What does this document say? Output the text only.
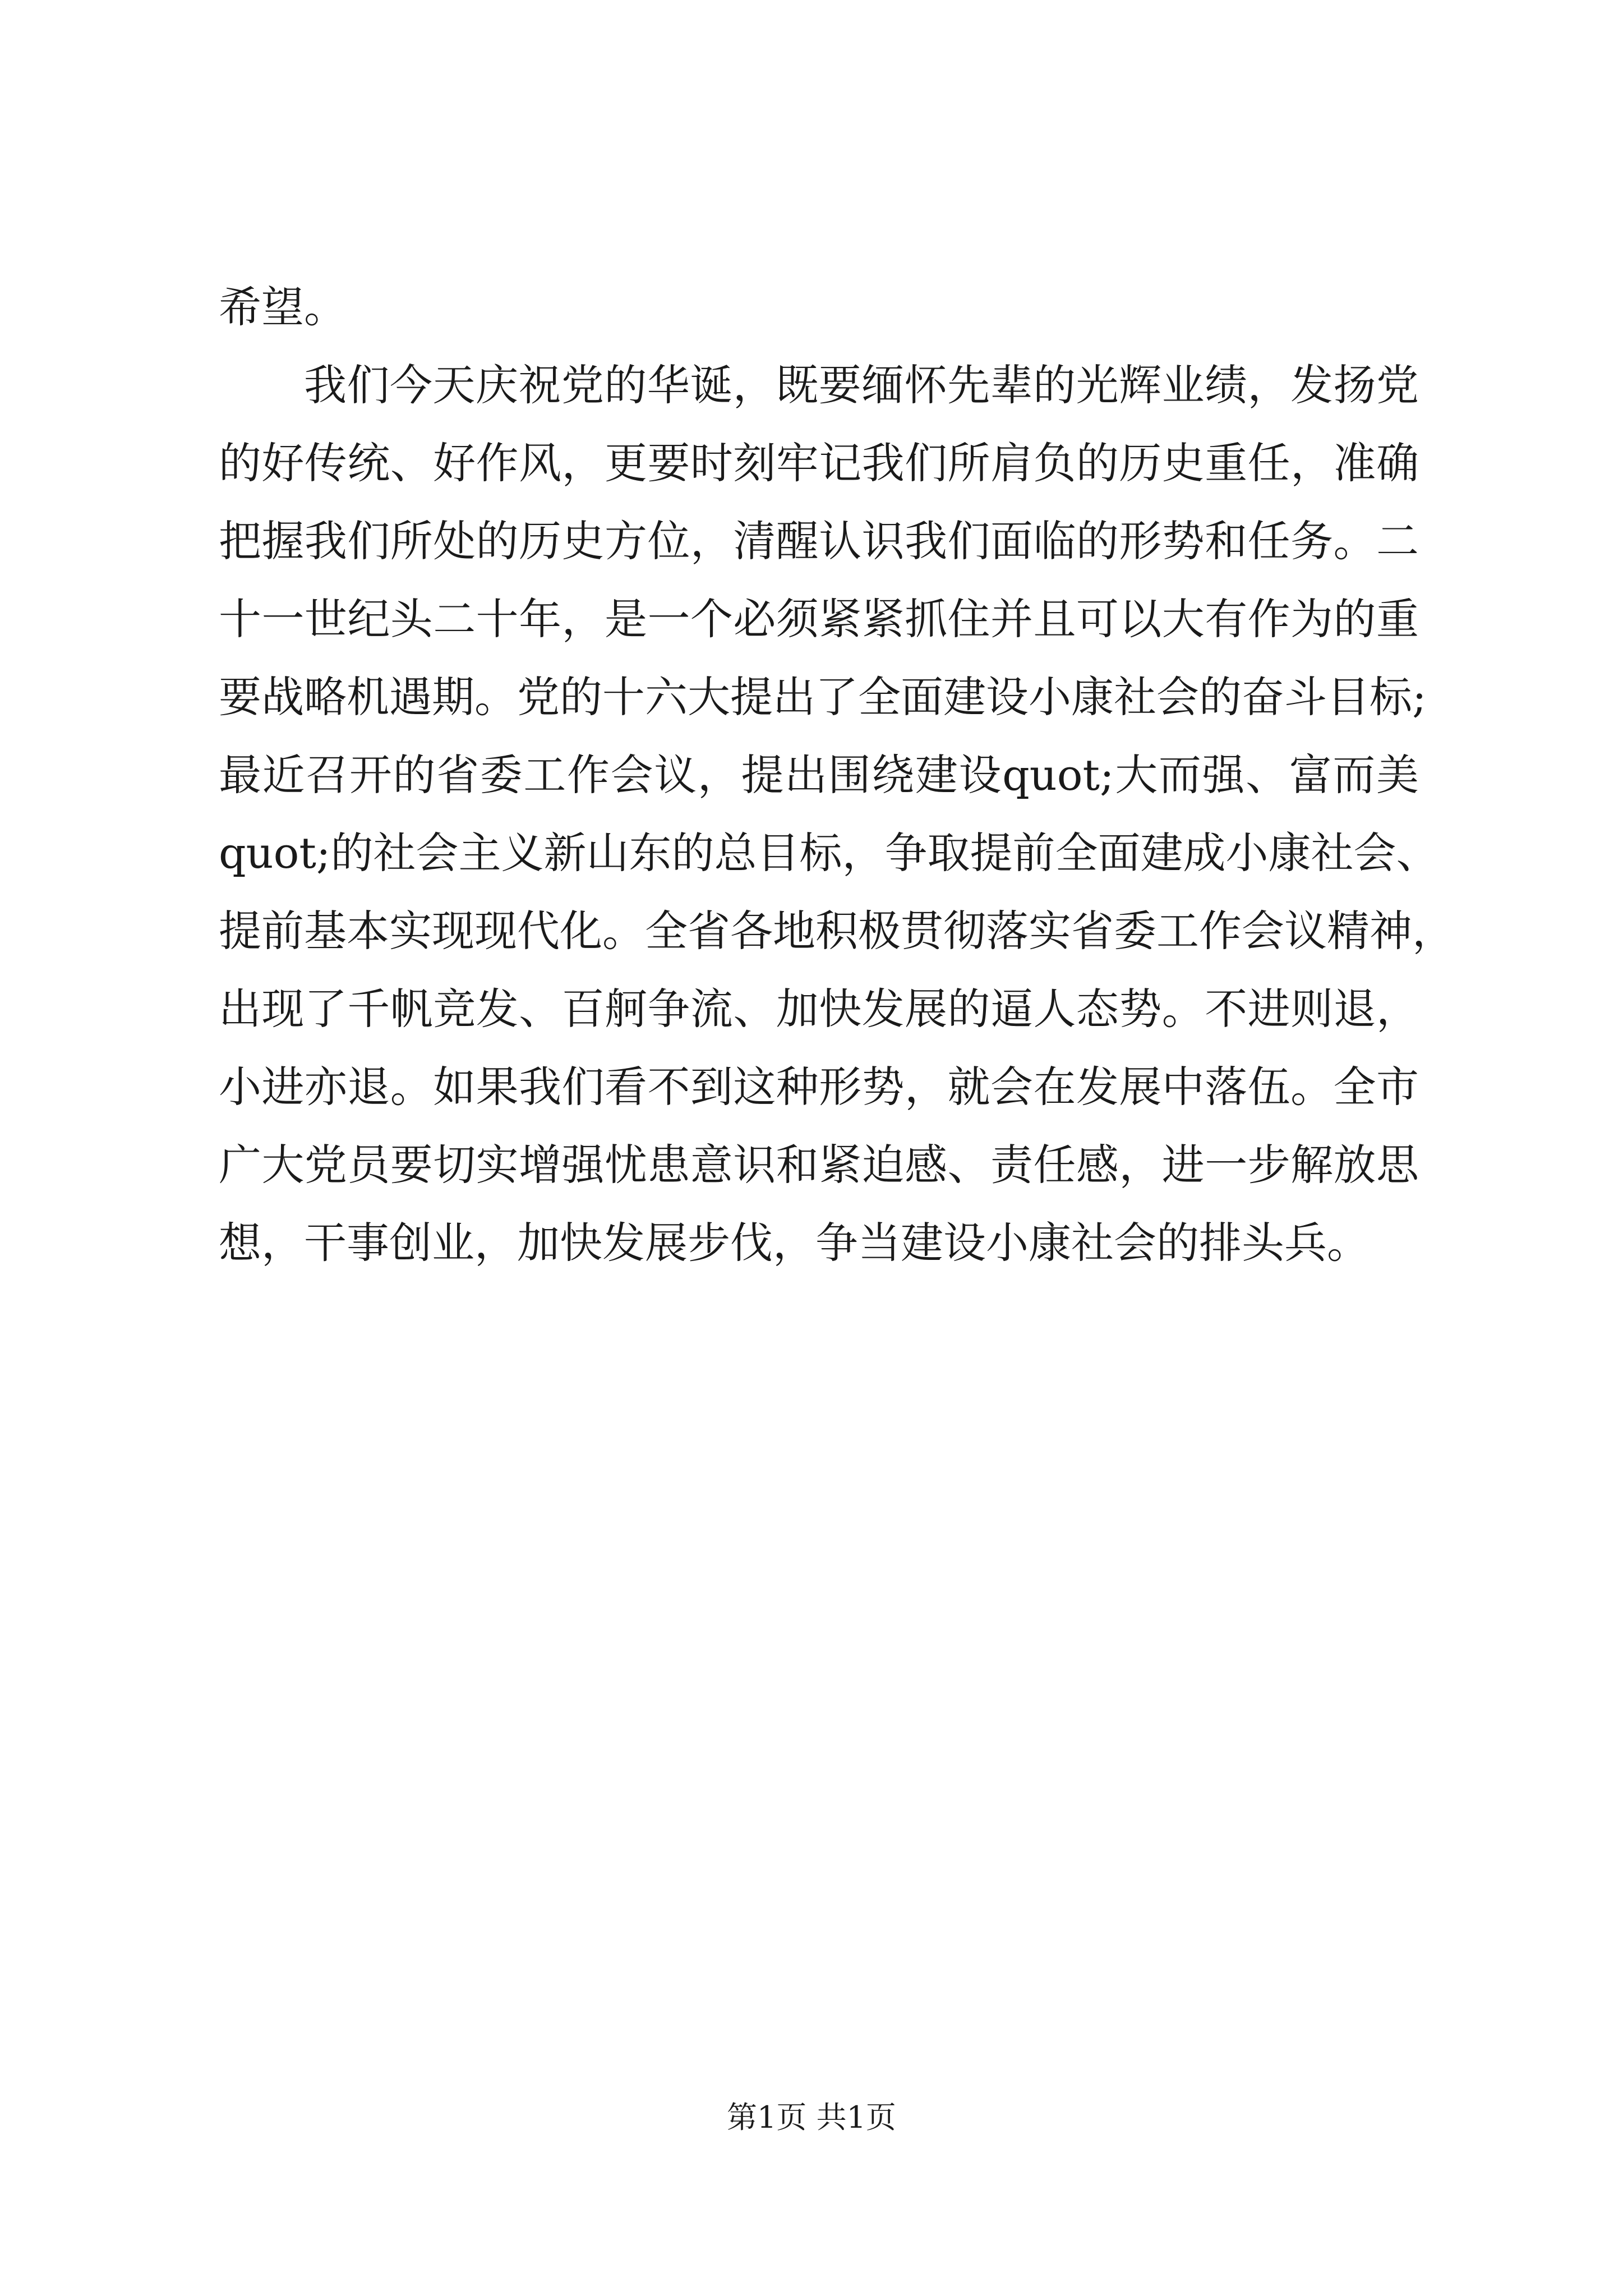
希望。
我们今天庆祝党的华诞，既要缅怀先辈的光辉业绩，发扬党
的好传统、好作风，更要时刻牢记我们所肩负的历史重任，准确
把握我们所处的历史方位，清醒认识我们面临的形势和任务。二
十一世纪头二十年，是一个必须紧紧抓住并且可以大有作为的重
要战略机遇期。党的十六大提出了全面建设小康社会的奋斗目标;
最近召开的省委工作会议，提出围绕建设quot;大而强、富而美
quot;的社会主义新山东的总目标，争取提前全面建成小康社会、
提前基本实现现代化。全省各地积极贯彻落实省委工作会议精神，
出现了千帆竞发、百舸争流、加快发展的逼人态势。不进则退，
小进亦退。如果我们看不到这种形势，就会在发展中落伍。全市
广大党员要切实增强忧患意识和紧迫感、责任感，进一步解放思
想，干事创业，加快发展步伐，争当建设小康社会的排头兵。
第1页 共1页
